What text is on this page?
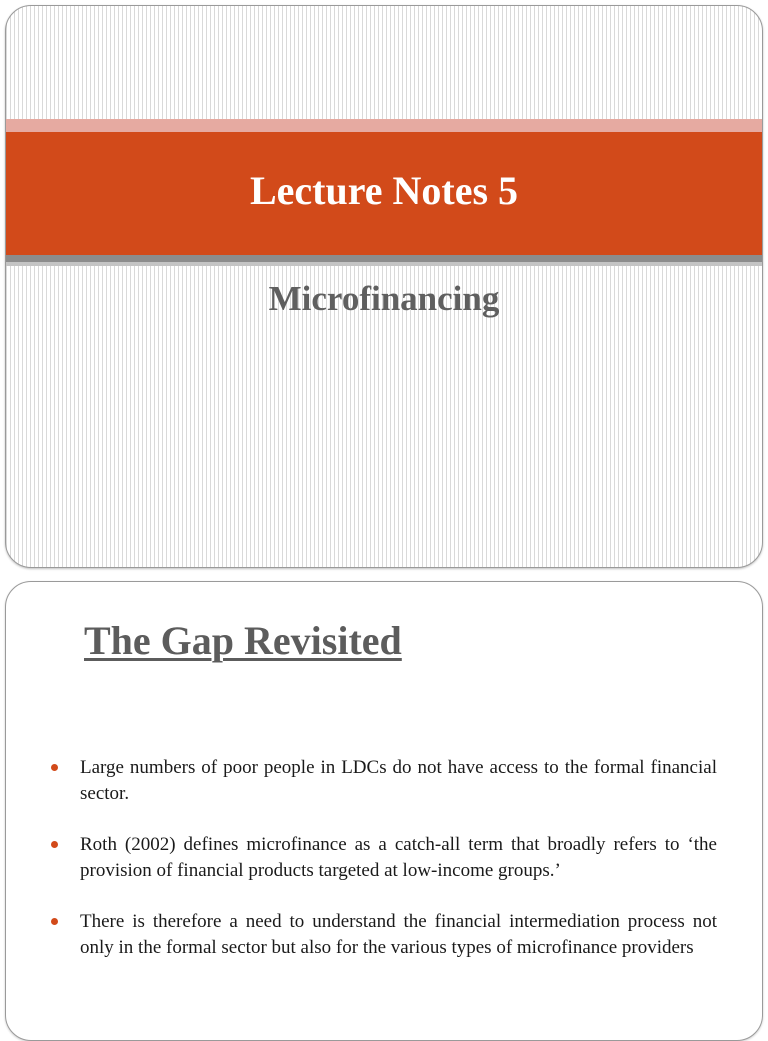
Lecture Notes 5
Microfinancing
The Gap Revisited
Large numbers of poor people in LDCs do not have access to the formal financial sector.
Roth (2002) defines microfinance as a catch-all term that broadly refers to ‘the provision of financial products targeted at low-income groups.’
There is therefore a need to understand the financial intermediation process not only in the formal sector but also for the various types of microfinance providers
